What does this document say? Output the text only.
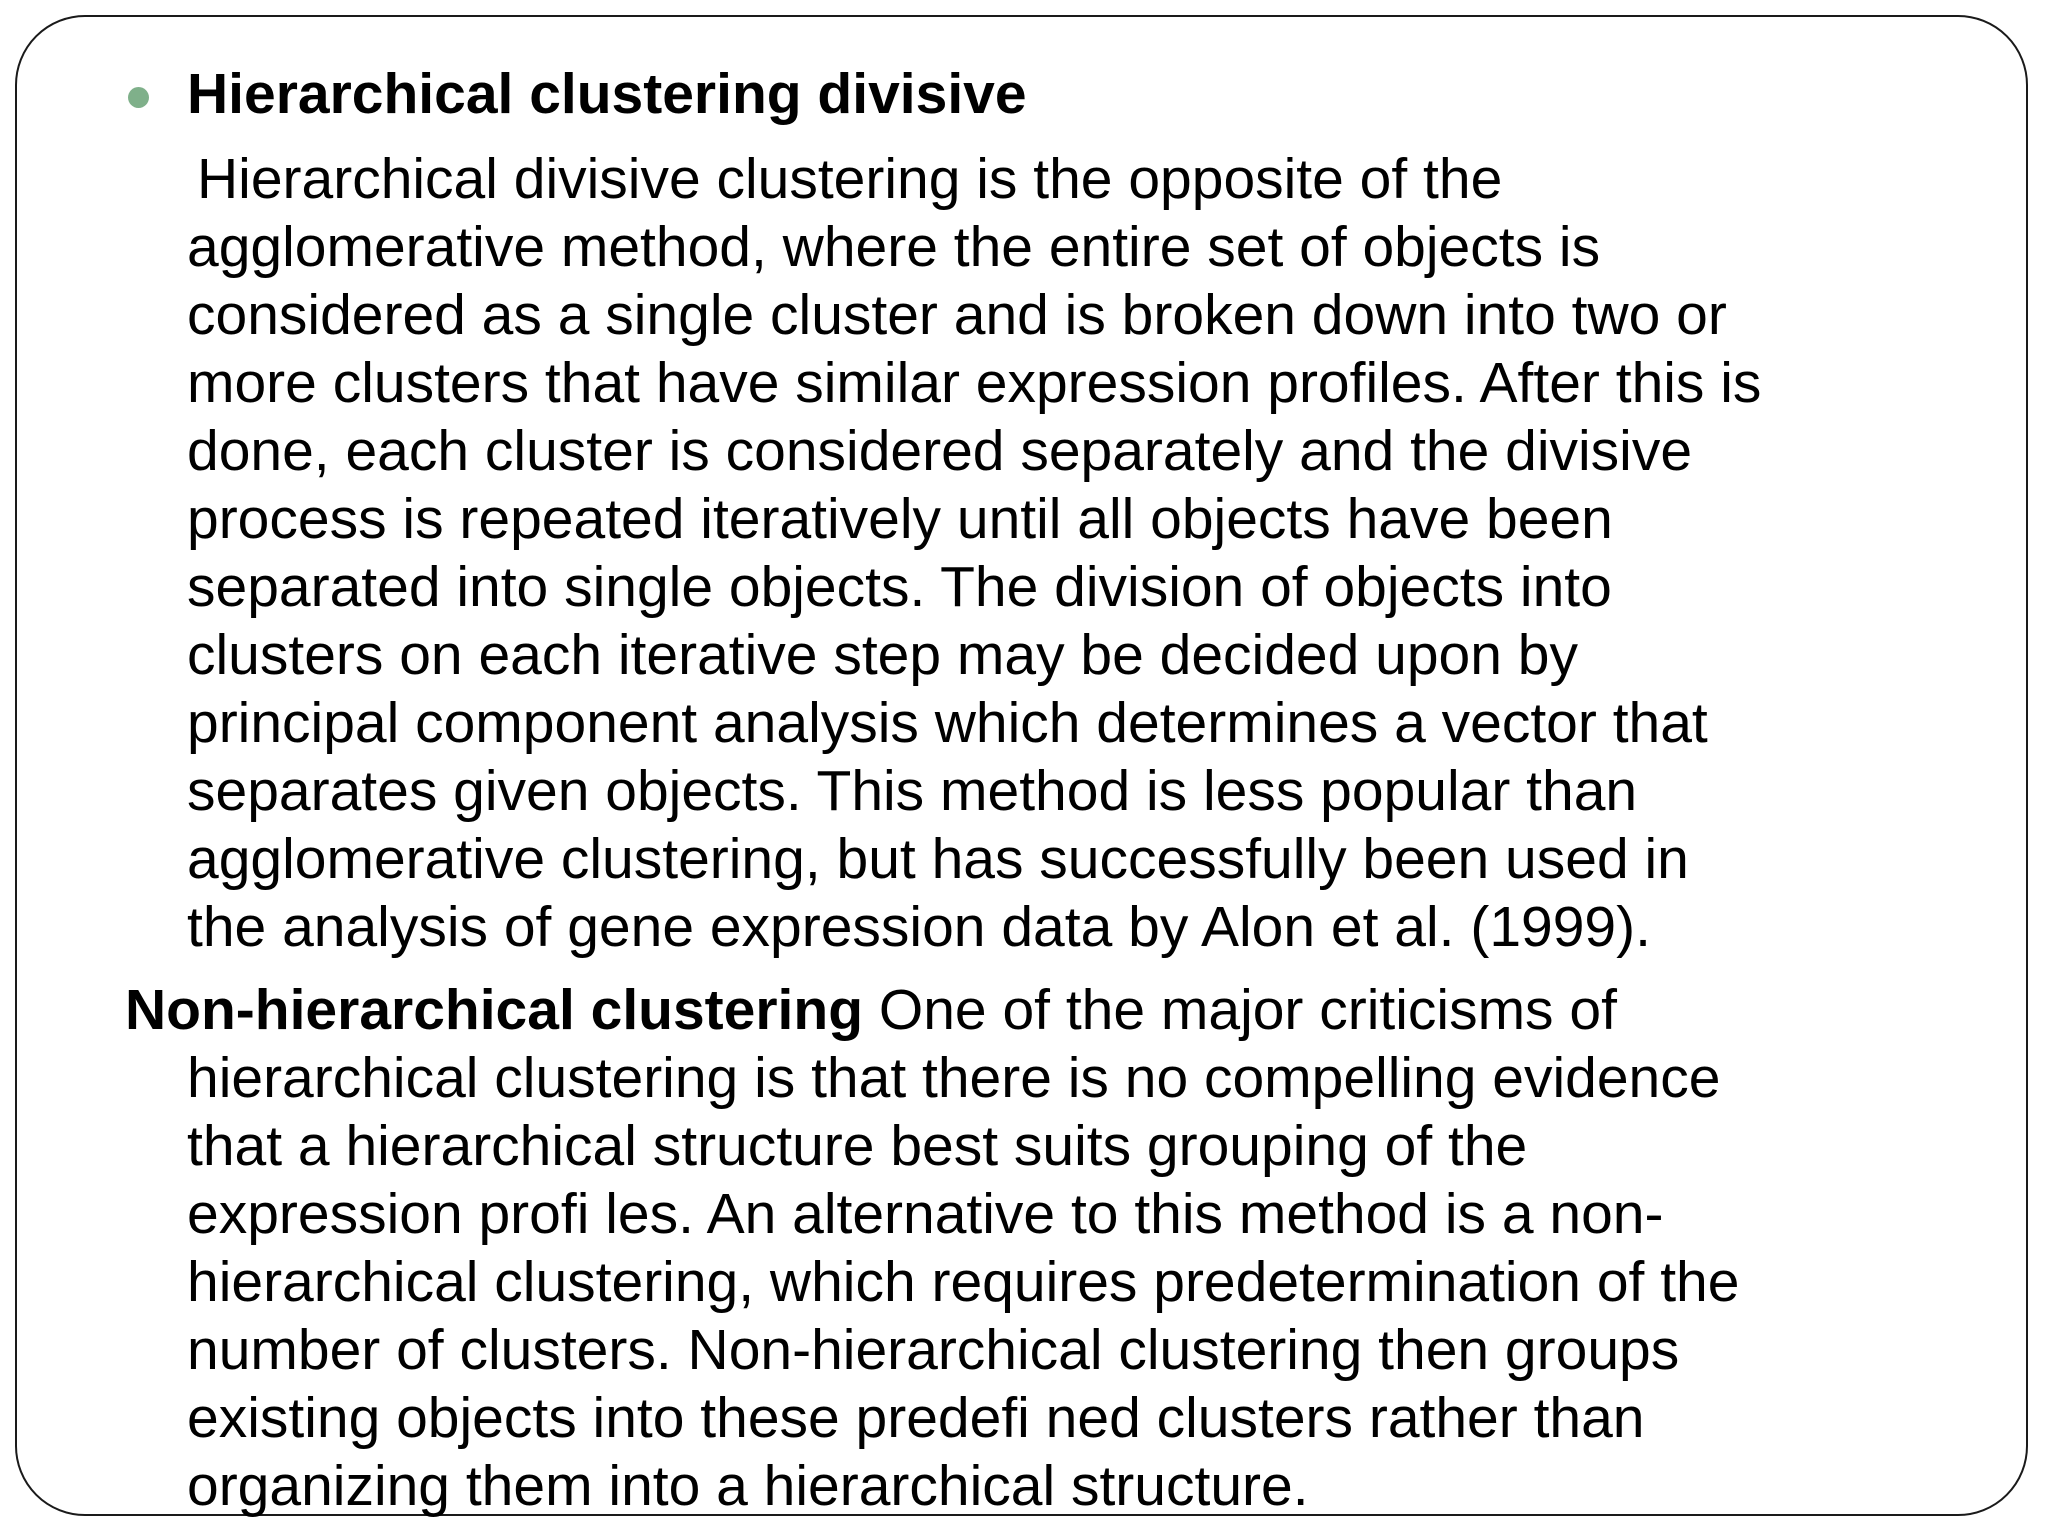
Hierarchical clustering divisive
Hierarchical divisive clustering is the opposite of the
agglomerative method, where the entire set of objects is
considered as a single cluster and is broken down into two or
more clusters that have similar expression profiles. After this is
done, each cluster is considered separately and the divisive
process is repeated iteratively until all objects have been
separated into single objects. The division of objects into
clusters on each iterative step may be decided upon by
principal component analysis which determines a vector that
separates given objects. This method is less popular than
agglomerative clustering, but has successfully been used in
the analysis of gene expression data by Alon et al. (1999).
Non-hierarchical clustering One of the major criticisms of
hierarchical clustering is that there is no compelling evidence
that a hierarchical structure best suits grouping of the
expression profi les. An alternative to this method is a non-
hierarchical clustering, which requires predetermination of the
number of clusters. Non-hierarchical clustering then groups
existing objects into these predefi ned clusters rather than
organizing them into a hierarchical structure.
